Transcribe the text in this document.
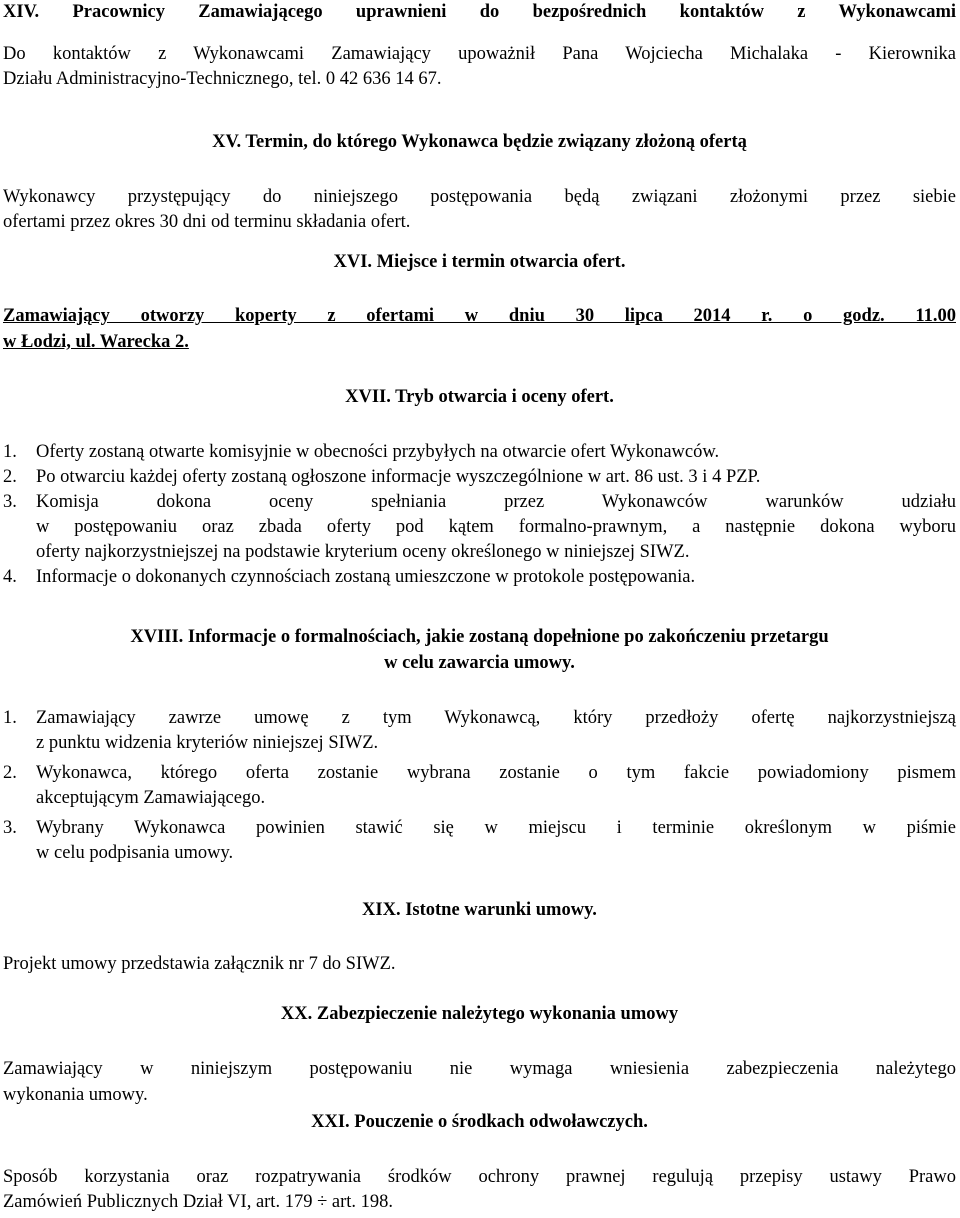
XIV. Pracownicy Zamawiającego uprawnieni do bezpośrednich kontaktów z Wykonawcami
Do kontaktów z Wykonawcami Zamawiający upoważnił Pana Wojciecha Michalaka - Kierownika
Działu Administracyjno-Technicznego, tel. 0 42 636 14 67.
XV. Termin, do którego Wykonawca będzie związany złożoną ofertą
Wykonawcy przystępujący do niniejszego postępowania będą związani złożonymi przez siebie
ofertami przez okres 30 dni od terminu składania ofert.
XVI. Miejsce i termin otwarcia ofert.
Zamawiający otworzy koperty z ofertami w dniu 30 lipca 2014 r. o godz. 11.00
w Łodzi, ul. Warecka 2.
XVII. Tryb otwarcia i oceny ofert.
1. Oferty zostaną otwarte komisyjnie w obecności przybyłych na otwarcie ofert Wykonawców.
2. Po otwarciu każdej oferty zostaną ogłoszone informacje wyszczególnione w art. 86 ust. 3 i 4 PZP.
3. Komisja dokona oceny spełniania przez Wykonawców warunków udziału
w postępowaniu oraz zbada oferty pod kątem formalno-prawnym, a następnie dokona wyboru
oferty najkorzystniejszej na podstawie kryterium oceny określonego w niniejszej SIWZ.
4. Informacje o dokonanych czynnościach zostaną umieszczone w protokole postępowania.
XVIII. Informacje o formalnościach, jakie zostaną dopełnione po zakończeniu przetargu
w celu zawarcia umowy.
1. Zamawiający zawrze umowę z tym Wykonawcą, który przedłoży ofertę najkorzystniejszą
z punktu widzenia kryteriów niniejszej SIWZ.
2. Wykonawca, którego oferta zostanie wybrana zostanie o tym fakcie powiadomiony pismem
akceptującym Zamawiającego.
3. Wybrany Wykonawca powinien stawić się w miejscu i terminie określonym w piśmie
w celu podpisania umowy.
XIX. Istotne warunki umowy.
Projekt umowy przedstawia załącznik nr 7 do SIWZ.
XX. Zabezpieczenie należytego wykonania umowy
Zamawiający w niniejszym postępowaniu nie wymaga wniesienia zabezpieczenia należytego
wykonania umowy.
XXI. Pouczenie o środkach odwoławczych.
Sposób korzystania oraz rozpatrywania środków ochrony prawnej regulują przepisy ustawy Prawo
Zamówień Publicznych Dział VI, art. 179 ÷ art. 198.
